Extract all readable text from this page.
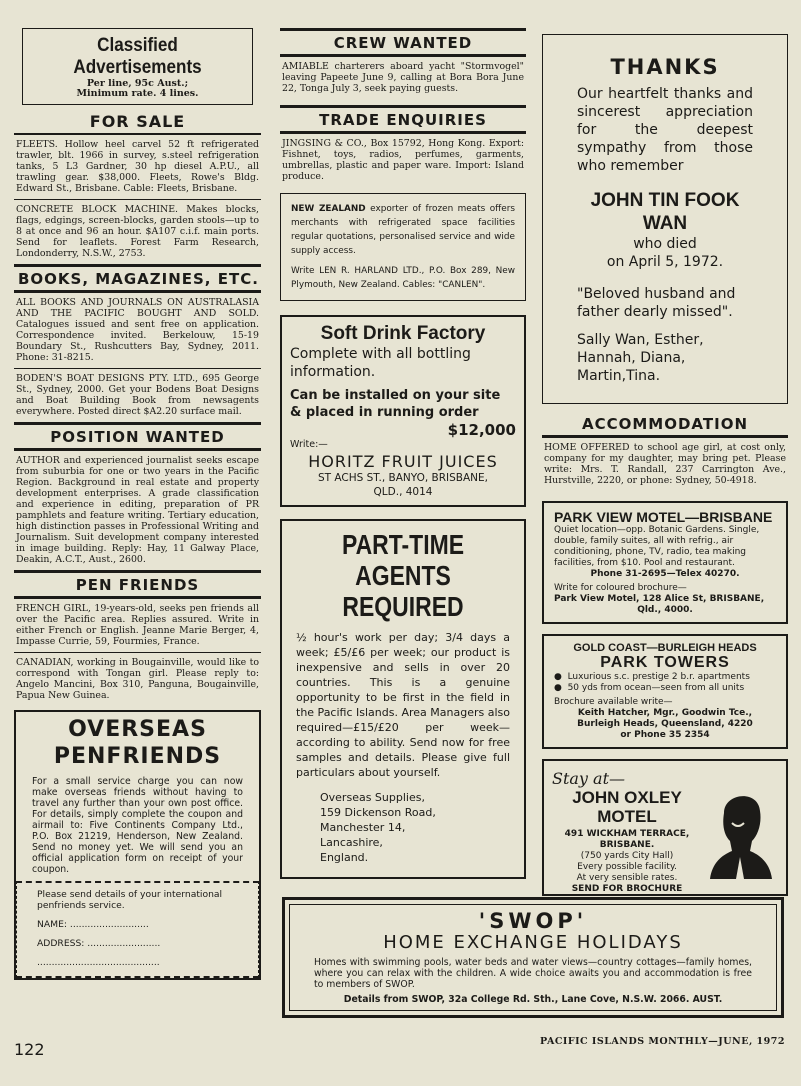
Classified Advertisements
Per line, 95c Aust.;
Minimum rate. 4 lines.
FOR SALE
FLEETS. Hollow heel carvel 52 ft refrigerated trawler, blt. 1966 in survey, s.steel refrigeration tanks, 5 L3 Gardner, 30 hp diesel A.P.U., all trawling gear. $38,000. Fleets, Rowe's Bldg. Edward St., Brisbane. Cable: Fleets, Brisbane.
CONCRETE BLOCK MACHINE. Makes blocks, flags, edgings, screen-blocks, garden stools—up to 8 at once and 96 an hour. $A107 c.i.f. main ports. Send for leaflets. Forest Farm Research, Londonderry, N.S.W., 2753.
BOOKS, MAGAZINES, ETC.
ALL BOOKS AND JOURNALS ON AUSTRALASIA AND THE PACIFIC BOUGHT AND SOLD. Catalogues issued and sent free on application. Correspondence invited. Berkelouw, 15-19 Boundary St., Rushcutters Bay, Sydney, 2011. Phone: 31-8215.
BODEN'S BOAT DESIGNS PTY. LTD., 695 George St., Sydney, 2000. Get your Bodens Boat Designs and Boat Building Book from newsagents everywhere. Posted direct $A2.20 surface mail.
POSITION WANTED
AUTHOR and experienced journalist seeks escape from suburbia for one or two years in the Pacific Region. Background in real estate and property development enterprises. A grade classification and experience in editing, preparation of PR pamphlets and feature writing. Tertiary education, high distinction passes in Professional Writing and Journalism. Suit development company interested in image building. Reply: Hay, 11 Galway Place, Deakin, A.C.T., Aust., 2600.
PEN FRIENDS
FRENCH GIRL, 19-years-old, seeks pen friends all over the Pacific area. Replies assured. Write in either French or English. Jeanne Marie Berger, 4, Impasse Currie, 59, Fourmies, France.
CANADIAN, working in Bougainville, would like to correspond with Tongan girl. Please reply to: Angelo Mancini, Box 310, Panguna, Bougainville, Papua New Guinea.
OVERSEAS
PENFRIENDS
For a small service charge you can now make overseas friends without having to travel any further than your own post office. For details, simply complete the coupon and airmail to: Five Continents Company Ltd., P.O. Box 21219, Henderson, New Zealand. Send no money yet. We will send you an official application form on receipt of your coupon.
Please send details of your international penfriends service.
NAME: ...........................
ADDRESS: .........................
..........................................
CREW WANTED
AMIABLE charterers aboard yacht "Stormvogel" leaving Papeete June 9, calling at Bora Bora June 22, Tonga July 3, seek paying guests.
TRADE ENQUIRIES
JINGSING & CO., Box 15792, Hong Kong. Export: Fishnet, toys, radios, perfumes, garments, umbrellas, plastic and paper ware. Import: Island produce.
NEW ZEALAND exporter of frozen meats offers merchants with refrigerated space facilities regular quotations, personalised service and wide supply access.
Write LEN R. HARLAND LTD., P.O. Box 289, New Plymouth, New Zealand. Cables: "CANLEN".
Soft Drink Factory
Complete with all bottling information.
Can be installed on your site & placed in running order
$12,000
Write:—
HORITZ FRUIT JUICES
ST ACHS ST., BANYO, BRISBANE,
QLD., 4014
PART-TIME
AGENTS
REQUIRED
½ hour's work per day; 3/4 days a week; £5/£6 per week; our product is inexpensive and sells in over 20 countries. This is a genuine opportunity to be first in the field in the Pacific Islands. Area Managers also required—£15/£20 per week—according to ability. Send now for free samples and details. Please give full particulars about yourself.
Overseas Supplies,
159 Dickenson Road,
Manchester 14,
Lancashire,
England.
THANKS
Our heartfelt thanks and sincerest appreciation for the deepest sympathy from those who remember
JOHN TIN FOOK
WAN
who died
on April 5, 1972.
"Beloved husband and father dearly missed".
Sally Wan, Esther, Hannah, Diana, Martin,Tina.
ACCOMMODATION
HOME OFFERED to school age girl, at cost only, company for my daughter, may bring pet. Please write: Mrs. T. Randall, 237 Carrington Ave., Hurstville, 2220, or phone: Sydney, 50-4918.
PARK VIEW MOTEL—BRISBANE
Quiet location—opp. Botanic Gardens. Single, double, family suites, all with refrig., air conditioning, phone, TV, radio, tea making facilities, from $10. Pool and restaurant.
Phone 31-2695—Telex 40270.
Write for coloured brochure—
Park View Motel, 128 Alice St, BRISBANE,
Qld., 4000.
GOLD COAST—BURLEIGH HEADS
PARK TOWERS
●  Luxurious s.c. prestige 2 b.r. apartments
●  50 yds from ocean—seen from all units
Brochure available write—
Keith Hatcher, Mgr., Goodwin Tce.,
Burleigh Heads, Queensland, 4220
or Phone 35 2354
Stay at—
JOHN OXLEY
MOTEL
491 WICKHAM TERRACE,
BRISBANE.
(750 yards City Hall)
Every possible facility.
At very sensible rates.
SEND FOR BROCHURE
'SWOP'
HOME EXCHANGE HOLIDAYS
Homes with swimming pools, water beds and water views—country cottages—family homes, where you can relax with the children. A wide choice awaits you and accommodation is free to members of SWOP.
Details from SWOP, 32a College Rd. Sth., Lane Cove, N.S.W. 2066. AUST.
122	PACIFIC ISLANDS MONTHLY—JUNE, 1972
